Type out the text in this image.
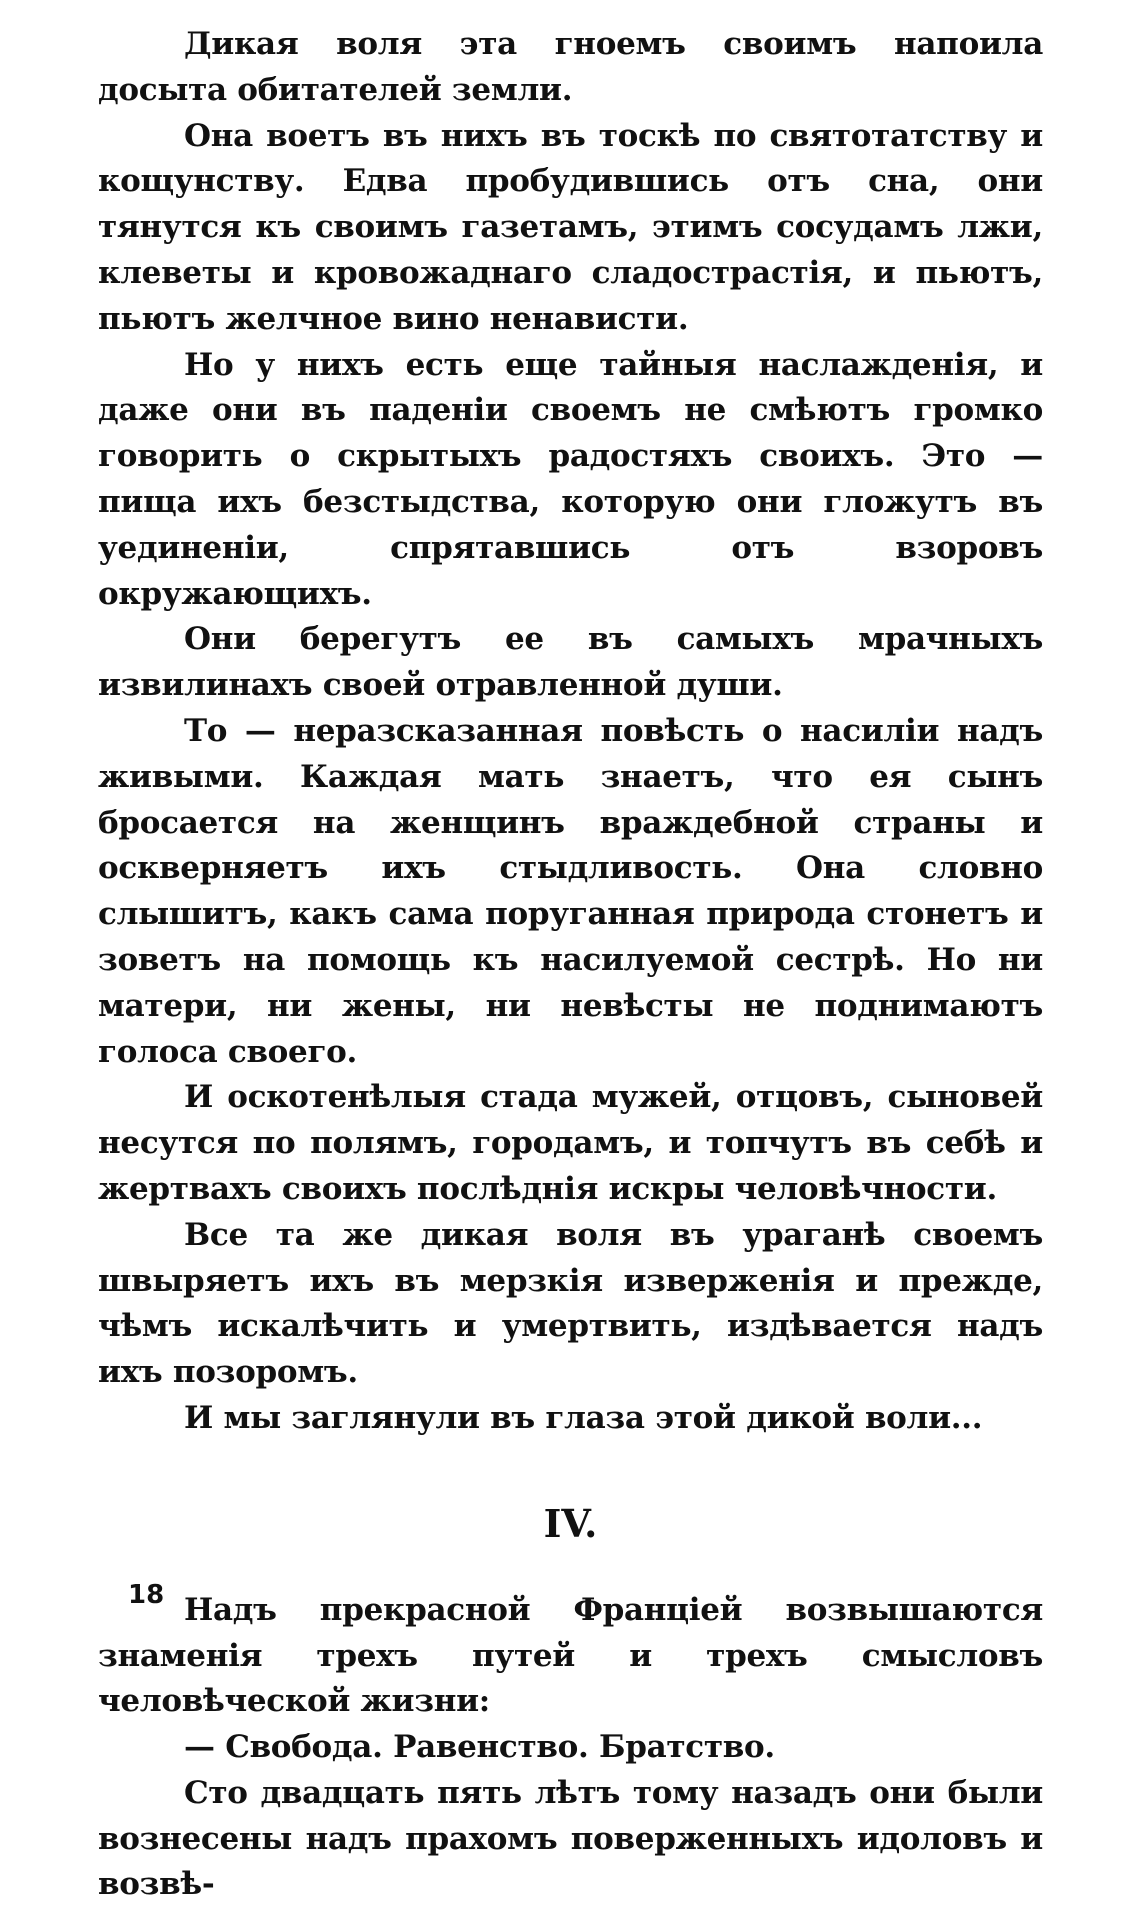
Дикая воля эта гноемъ своимъ напоила досыта обитателей земли.

Она воетъ въ нихъ въ тоскѣ по святотатству и кощунству. Едва пробудившись отъ сна, они тянутся къ своимъ газетамъ, этимъ сосудамъ лжи, клеветы и кровожаднаго сладострастія, и пьютъ, пьютъ желчное вино ненависти.

Но у нихъ есть еще тайныя наслажденія, и даже они въ паденіи своемъ не смѣютъ громко говорить о скрытыхъ радостяхъ своихъ. Это — пища ихъ безстыдства, которую они гложутъ въ уединеніи, спрятавшись отъ взоровъ окружающихъ.

Они берегутъ ее въ самыхъ мрачныхъ извилинахъ своей отравленной души.

То — неразсказанная повѣсть о насиліи надъ живыми. Каждая мать знаетъ, что ея сынъ бросается на женщинъ враждебной страны и оскверняетъ ихъ стыдливость. Она словно слышитъ, какъ сама поруганная природа стонетъ и зоветъ на помощь къ насилуемой сестрѣ. Но ни матери, ни жены, ни невѣсты не поднимаютъ голоса своего.

И оскотенѣлыя стада мужей, отцовъ, сыновей несутся по полямъ, городамъ, и топчутъ въ себѣ и жертвахъ своихъ послѣднія искры человѣчности.

Все та же дикая воля въ ураганѣ своемъ швыряетъ ихъ въ мерзкія изверженія и прежде, чѣмъ искалѣчить и умертвить, издѣвается надъ ихъ позоромъ.

И мы заглянули въ глаза этой дикой воли...

IV.

Надъ прекрасной Франціей возвышаются знаменія трехъ путей и трехъ смысловъ человѣческой жизни:

— Свобода. Равенство. Братство.

Сто двадцать пять лѣтъ тому назадъ они были вознесены надъ прахомъ поверженныхъ идоловъ и возвѣ-

18
